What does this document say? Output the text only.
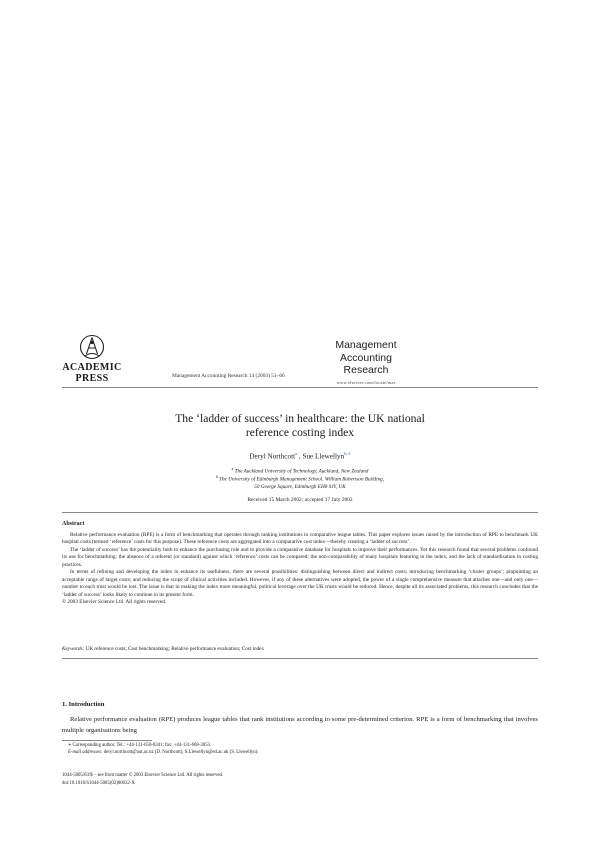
ACADEMIC
PRESS
Management
Accounting
Research
www.elsevier.com/locate/mar
Management Accounting Research 14 (2003) 51–66
The ‘ladder of success’ in healthcare: the UK national
reference costing index
Deryl Northcott$^a$ , Sue Llewellyn$^{b,∗}$
$^a$ The Auckland University of Technology, Auckland, New Zealand
$^b$ The University of Edinburgh Management School, William Robertson Building,
50 George Square, Edinburgh EH8 9JY, UK
Received 15 March 2002; accepted 17 July 2002
Abstract

Relative performance evaluation (RPE) is a form of benchmarking that operates through ranking institutions in comparative league tables. This paper explores issues raised by the introduction of RPE to benchmark UK hospital costs (termed ‘reference’ costs for this purpose). These reference costs are aggregated into a comparative cost index—thereby creating a ‘ladder of success’.

The ‘ladder of success’ has the potentiality both to enhance the purchasing role and to provide a comparative database for hospitals to improve their performances. Yet this research found that several problems confound its use for benchmarking: the absence of a referent (or standard) against which ‘reference’ costs can be compared; the non-comparability of many hospitals featuring in the index; and the lack of standardisation in costing practices.

In terms of refining and developing the index to enhance its usefulness, there are several possibilities: distinguishing between direct and indirect costs; introducing benchmarking ‘cluster groups’; pinpointing an acceptable range of target costs; and reducing the scope of clinical activities included. However, if any of these alternatives were adopted, the power of a single comprehensive measure that attaches one—and only one—number to each trust would be lost. The issue is that in making the index more meaningful, political leverage over the UK trusts would be reduced. Hence, despite all its associated problems, this research concludes that the ‘ladder of success’ looks likely to continue in its present form.

© 2003 Elsevier Science Ltd. All rights reserved.

Keywords: UK reference costs; Cost benchmarking; Relative performance evaluation; Cost index
1. Introduction

Relative performance evaluation (RPE) produces league tables that rank institutions according to some pre-determined criterion. RPE is a form of benchmarking that involves multiple organisations being

∗ Corresponding author. Tel.: +44-131-650-8341; fax: +44-131-668-3053.
E-mail addresses: deryl.northcott@aut.ac.nz (D. Northcott), S.Llewellyn@ed.ac.uk (S. Llewellyn).
1044-5005/03/$ – see front matter © 2003 Elsevier Science Ltd. All rights reserved.
doi:10.1016/S1044-5005(02)00032-X
